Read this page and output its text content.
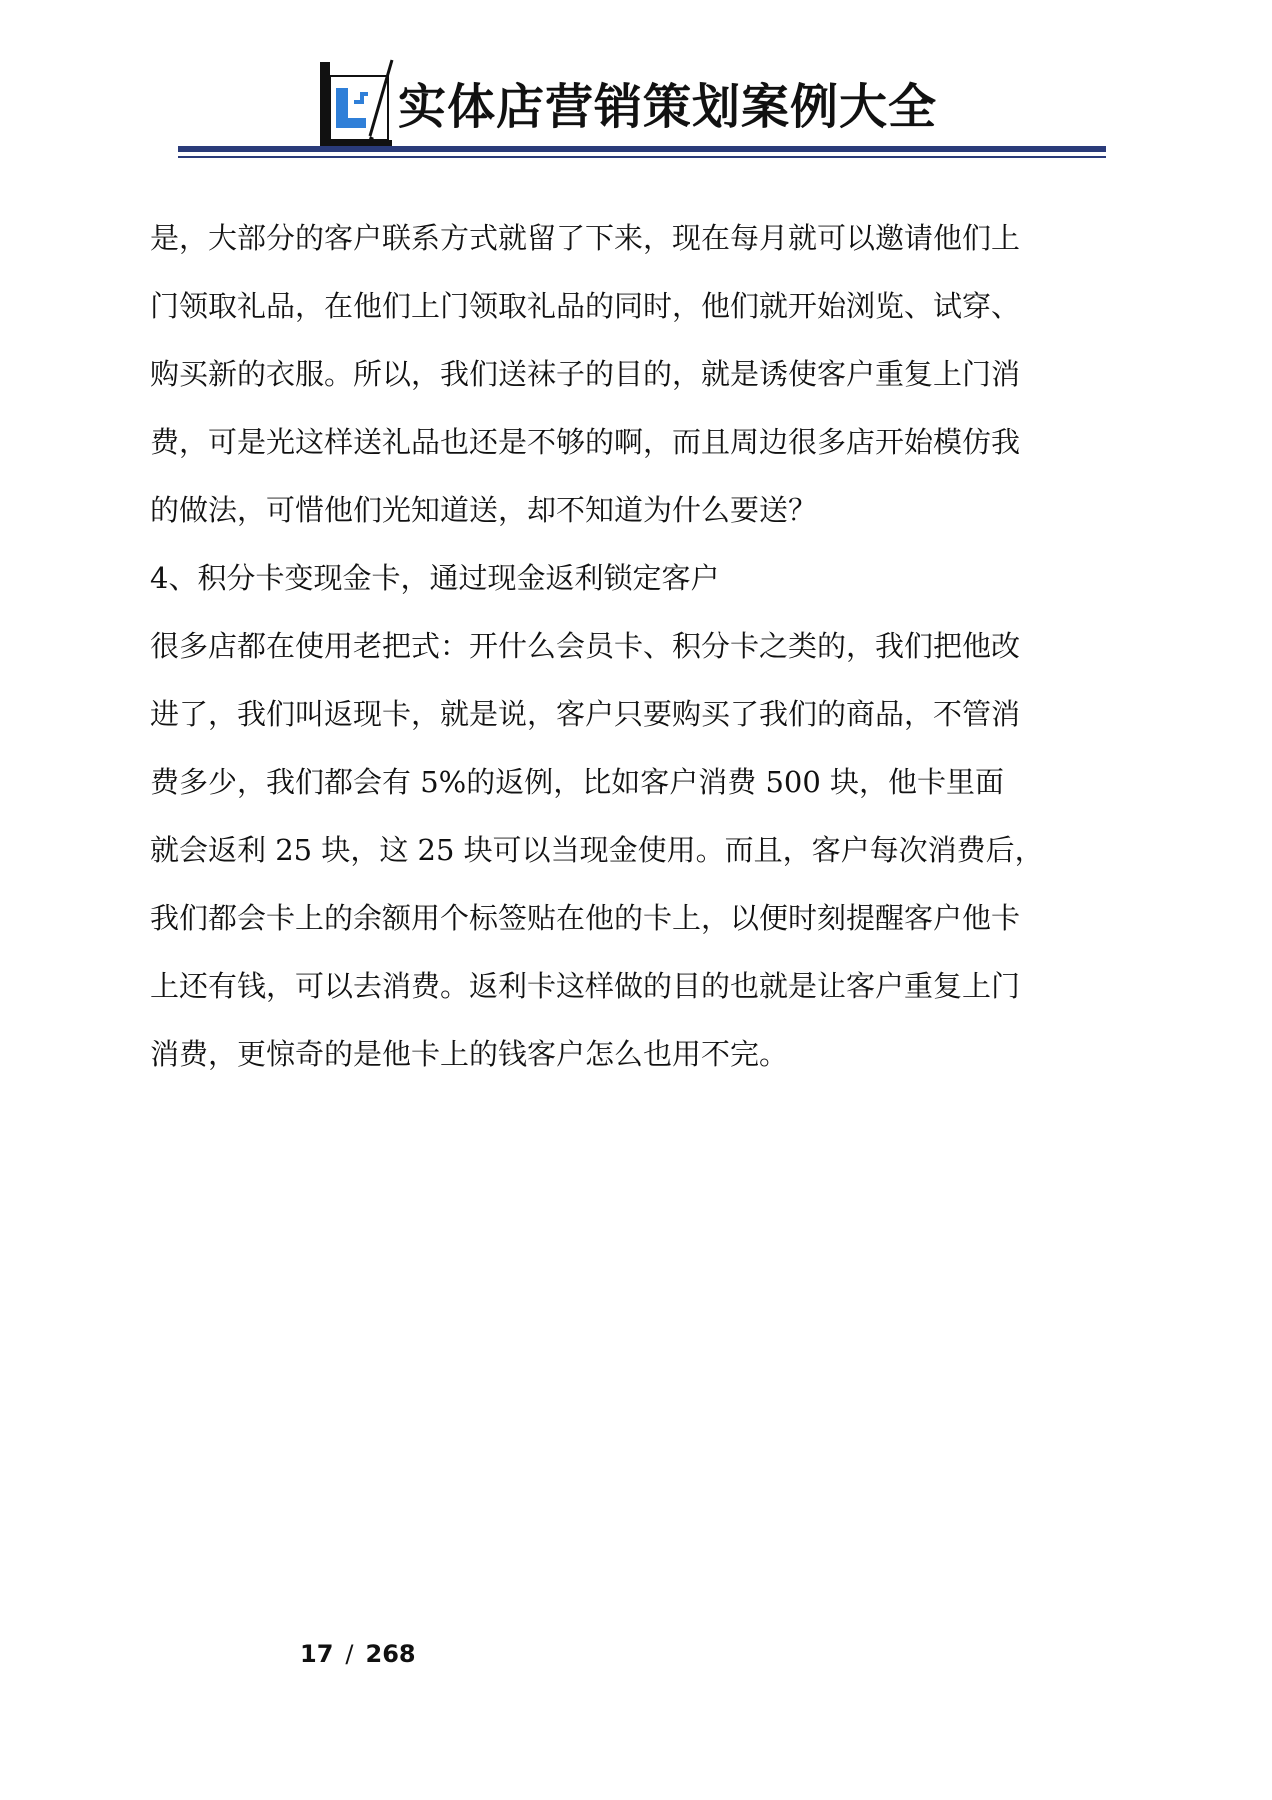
实体店营销策划案例大全
是，大部分的客户联系方式就留了下来，现在每月就可以邀请他们上
门领取礼品，在他们上门领取礼品的同时，他们就开始浏览、试穿、
购买新的衣服。所以，我们送袜子的目的，就是诱使客户重复上门消
费，可是光这样送礼品也还是不够的啊，而且周边很多店开始模仿我
的做法，可惜他们光知道送，却不知道为什么要送？
4、积分卡变现金卡，通过现金返利锁定客户
很多店都在使用老把式：开什么会员卡、积分卡之类的，我们把他改
进了，我们叫返现卡，就是说，客户只要购买了我们的商品，不管消
费多少，我们都会有 5%的返例，比如客户消费 500 块，他卡里面
就会返利 25 块，这 25 块可以当现金使用。而且，客户每次消费后，
我们都会卡上的余额用个标签贴在他的卡上，以便时刻提醒客户他卡
上还有钱，可以去消费。返利卡这样做的目的也就是让客户重复上门
消费，更惊奇的是他卡上的钱客户怎么也用不完。
17 / 268
